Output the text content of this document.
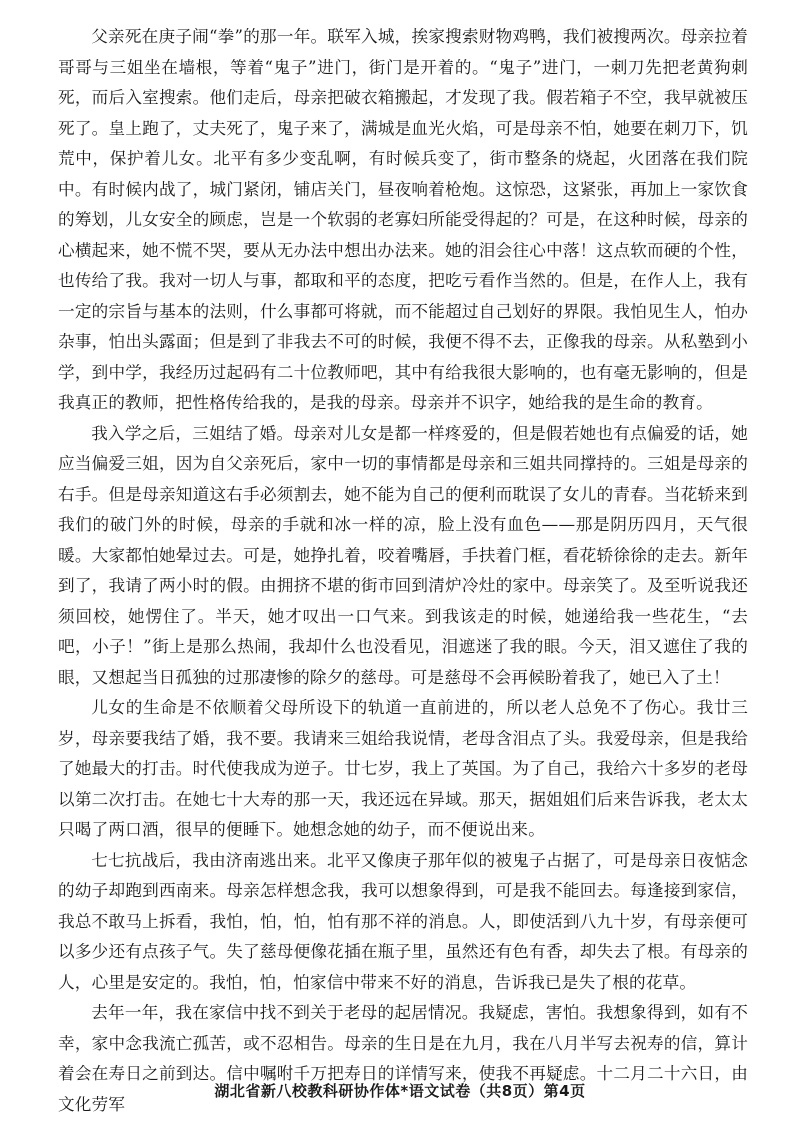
父亲死在庚子闹“拳”的那一年。联军入城，挨家搜索财物鸡鸭，我们被搜两次。母亲拉着哥哥与三姐坐在墙根，等着“鬼子”进门，街门是开着的。“鬼子”进门，一刺刀先把老黄狗刺死，而后入室搜索。他们走后，母亲把破衣箱搬起，才发现了我。假若箱子不空，我早就被压死了。皇上跑了，丈夫死了，鬼子来了，满城是血光火焰，可是母亲不怕，她要在刺刀下，饥荒中，保护着儿女。北平有多少变乱啊，有时候兵变了，街市整条的烧起，火团落在我们院中。有时候内战了，城门紧闭，铺店关门，昼夜响着枪炮。这惊恐，这紧张，再加上一家饮食的筹划，儿女安全的顾虑，岂是一个软弱的老寡妇所能受得起的？可是，在这种时候，母亲的心横起来，她不慌不哭，要从无办法中想出办法来。她的泪会往心中落！这点软而硬的个性，也传给了我。我对一切人与事，都取和平的态度，把吃亏看作当然的。但是，在作人上，我有一定的宗旨与基本的法则，什么事都可将就，而不能超过自己划好的界限。我怕见生人，怕办杂事，怕出头露面；但是到了非我去不可的时候，我便不得不去，正像我的母亲。从私塾到小学，到中学，我经历过起码有二十位教师吧，其中有给我很大影响的，也有毫无影响的，但是我真正的教师，把性格传给我的，是我的母亲。母亲并不识字，她给我的是生命的教育。

我入学之后，三姐结了婚。母亲对儿女是都一样疼爱的，但是假若她也有点偏爱的话，她应当偏爱三姐，因为自父亲死后，家中一切的事情都是母亲和三姐共同撑持的。三姐是母亲的右手。但是母亲知道这右手必须割去，她不能为自己的便利而耽误了女儿的青春。当花轿来到我们的破门外的时候，母亲的手就和冰一样的凉，脸上没有血色——那是阴历四月，天气很暖。大家都怕她晕过去。可是，她挣扎着，咬着嘴唇，手扶着门框，看花轿徐徐的走去。新年到了，我请了两小时的假。由拥挤不堪的街市回到清炉冷灶的家中。母亲笑了。及至听说我还须回校，她愣住了。半天，她才叹出一口气来。到我该走的时候，她递给我一些花生，“去吧，小子！”街上是那么热闹，我却什么也没看见，泪遮迷了我的眼。今天，泪又遮住了我的眼，又想起当日孤独的过那凄惨的除夕的慈母。可是慈母不会再候盼着我了，她已入了土！

儿女的生命是不依顺着父母所设下的轨道一直前进的，所以老人总免不了伤心。我廿三岁，母亲要我结了婚，我不要。我请来三姐给我说情，老母含泪点了头。我爱母亲，但是我给了她最大的打击。时代使我成为逆子。廿七岁，我上了英国。为了自己，我给六十多岁的老母以第二次打击。在她七十大寿的那一天，我还远在异域。那天，据姐姐们后来告诉我，老太太只喝了两口酒，很早的便睡下。她想念她的幼子，而不便说出来。

七七抗战后，我由济南逃出来。北平又像庚子那年似的被鬼子占据了，可是母亲日夜惦念的幼子却跑到西南来。母亲怎样想念我，我可以想象得到，可是我不能回去。每逢接到家信，我总不敢马上拆看，我怕，怕，怕，怕有那不祥的消息。人，即使活到八九十岁，有母亲便可以多少还有点孩子气。失了慈母便像花插在瓶子里，虽然还有色有香，却失去了根。有母亲的人，心里是安定的。我怕，怕，怕家信中带来不好的消息，告诉我已是失了根的花草。

去年一年，我在家信中找不到关于老母的起居情况。我疑虑，害怕。我想象得到，如有不幸，家中念我流亡孤苦，或不忍相告。母亲的生日是在九月，我在八月半写去祝寿的信，算计着会在寿日之前到达。信中嘱咐千万把寿日的详情写来，使我不再疑虑。十二月二十六日，由文化劳军

湖北省新八校教科研协作体*语文试卷（共8页）第4页
